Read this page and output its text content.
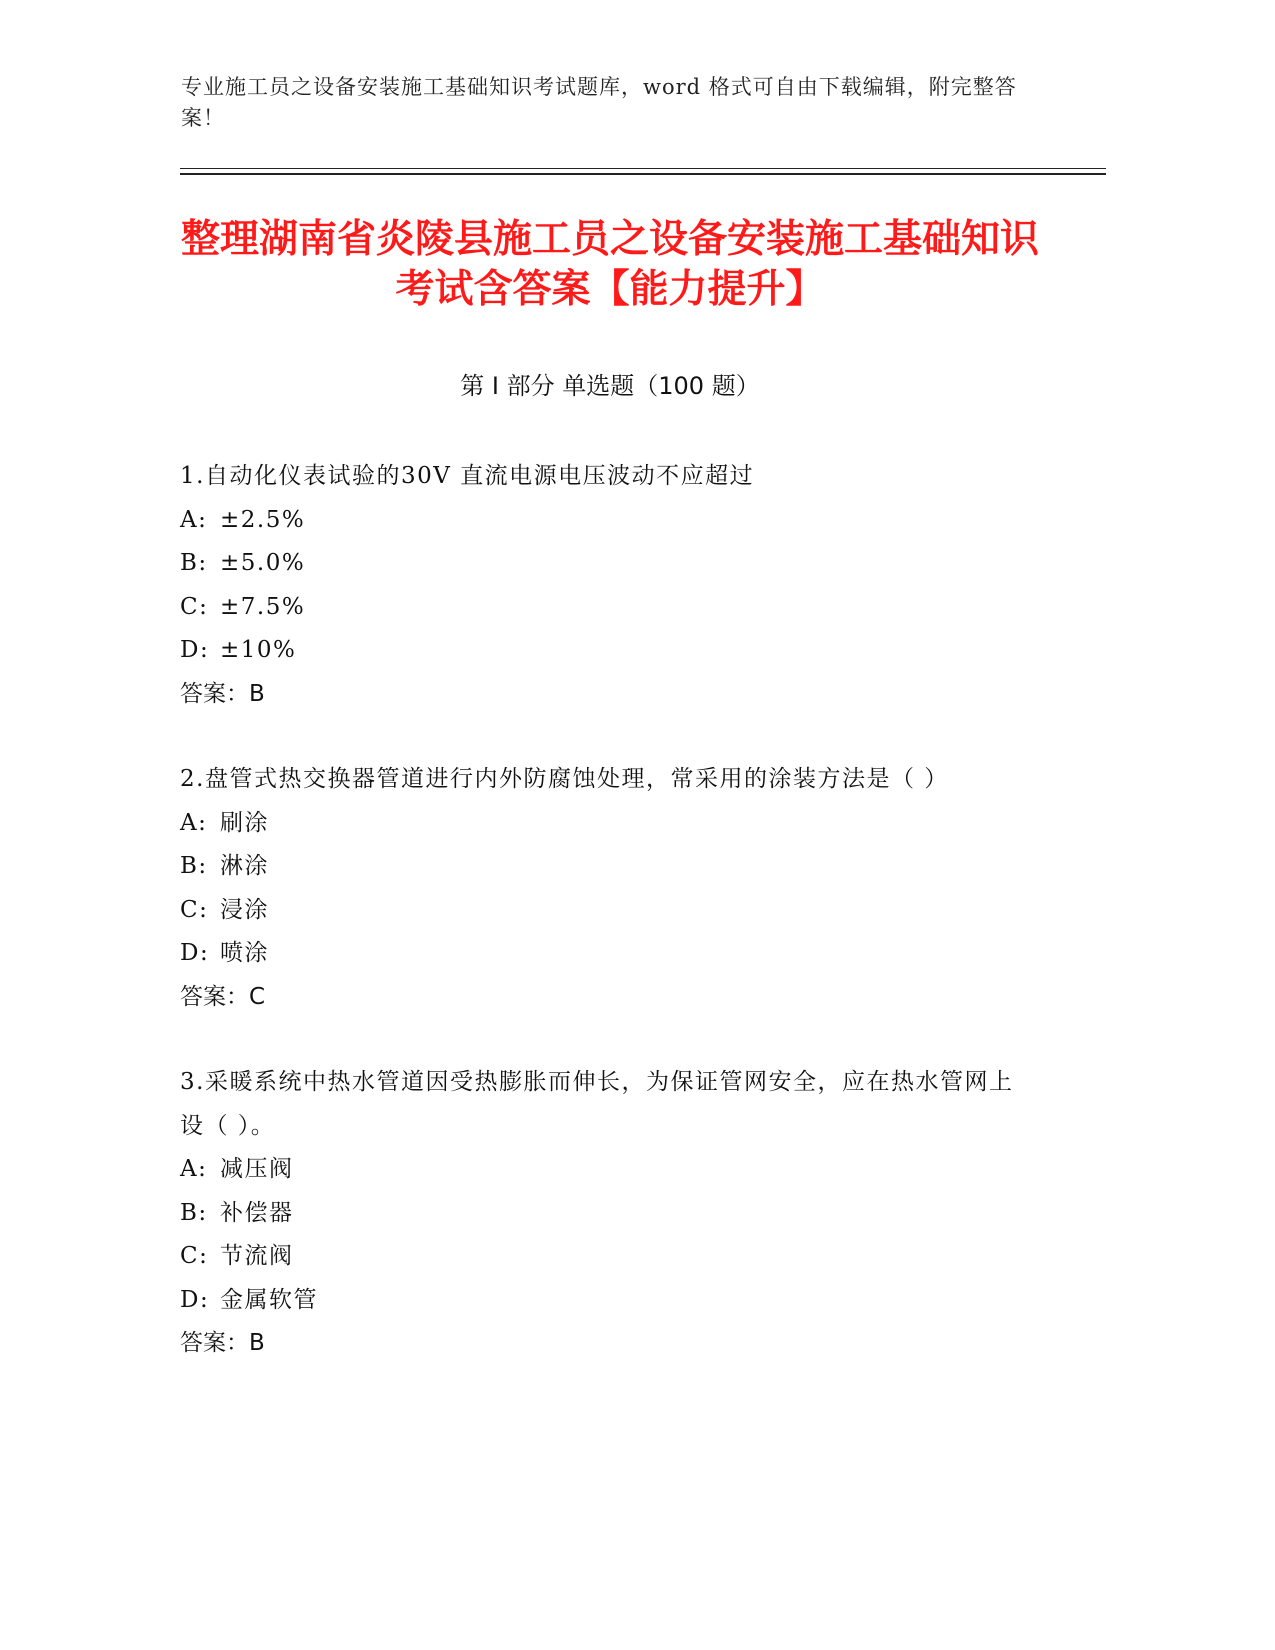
专业施工员之设备安装施工基础知识考试题库，word 格式可自由下载编辑，附完整答案！
整理湖南省炎陵县施工员之设备安装施工基础知识考试含答案【能力提升】
第 I 部分 单选题（100 题）
1.自动化仪表试验的30V 直流电源电压波动不应超过
A: ±2.5%
B: ±5.0%
C: ±7.5%
D: ±10%
答案：B
2.盘管式热交换器管道进行内外防腐蚀处理，常采用的涂装方法是（ ）
A: 刷涂
B: 淋涂
C: 浸涂
D: 喷涂
答案：C
3.采暖系统中热水管道因受热膨胀而伸长，为保证管网安全，应在热水管网上设（ ）。
A: 减压阀
B: 补偿器
C: 节流阀
D: 金属软管
答案：B
